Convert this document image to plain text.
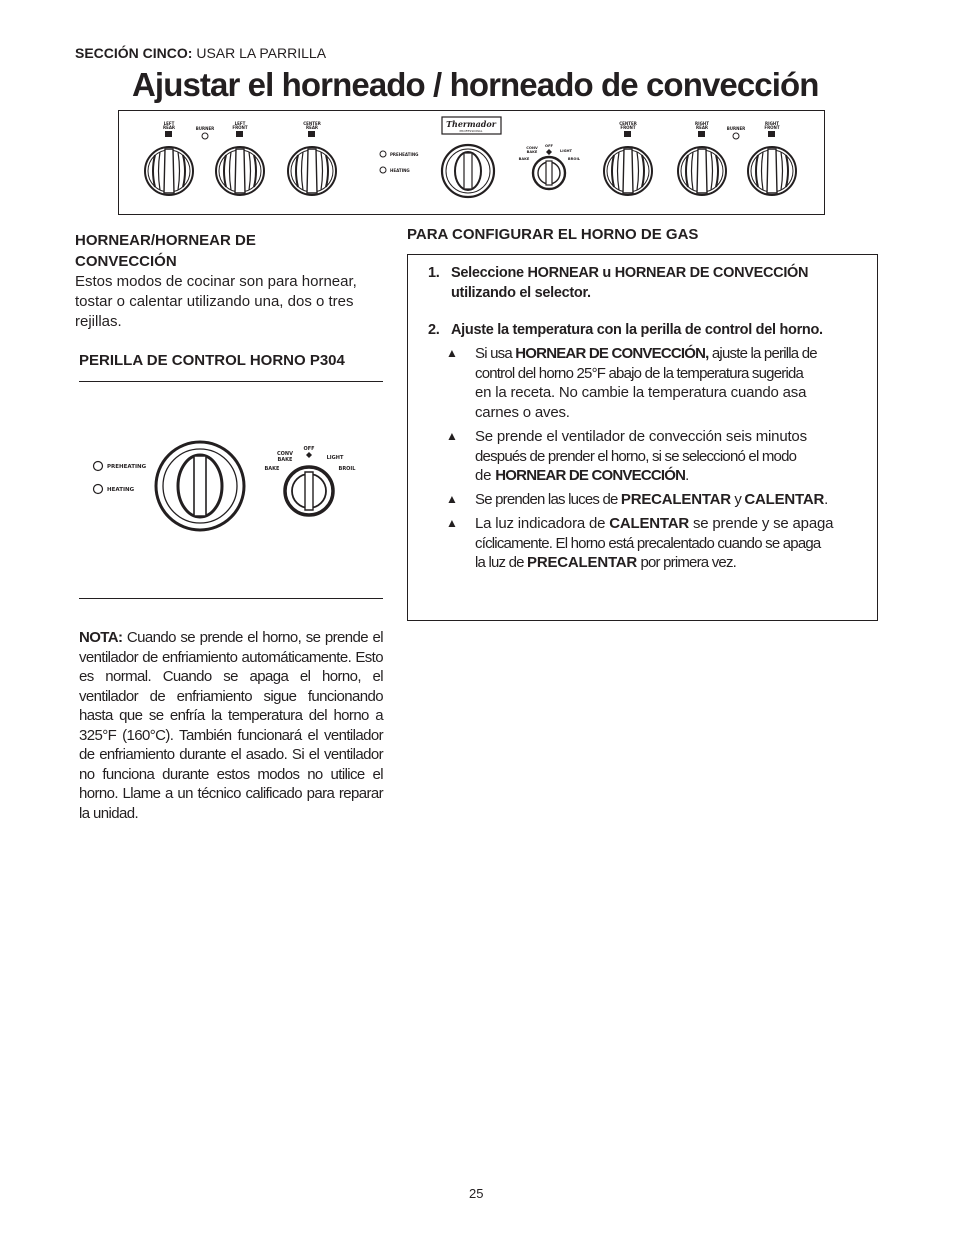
SECCIÓN CINCO: USAR LA PARRILLA
Ajustar el horneado / horneado de convección
LEFT
REAR
LEFT
FRONT
CENTER
REAR
CENTER
FRONT
RIGHT
REAR
RIGHT
FRONT
BURNER	BURNER
PREHEATING
HEATING
Thermador
PROFESSIONAL
CONV
BAKE
OFF
LIGHT
BAKE	BROIL
HORNEAR/HORNEAR DE
CONVECCIÓN

Estos modos de cocinar son para hornear,

tostar o calentar utilizando una, dos o tres

rejillas.

PERILLA DE CONTROL HORNO P304
PREHEATING
HEATING
CONV
BAKE
OFF
LIGHT
BAKE	BROIL
NOTA: Cuando se prende el horno, se prende el ventilador de enfriamiento automáticamente. Esto es normal. Cuando se apaga el horno, el ventilador de enfriamiento sigue funcionando hasta que se enfría la temperatura del horno a 325°F (160°C). También funcionará el ventilador de enfriamiento durante el asado. Si el ventilador no funciona durante estos modos no utilice el horno. Llame a un técnico calificado para reparar la unidad.
PARA CONFIGURAR EL HORNO DE GAS
1. Seleccione HORNEAR u HORNEAR DE CONVECCIÓN
utilizando el selector.
2. Ajuste la temperatura con la perilla de control del horno.
▲ Si usa HORNEAR DE CONVECCIÓN, ajuste la perilla de
control del horno 25°F abajo de la temperatura sugerida
en la receta. No cambie la temperatura cuando asa
carnes o aves.
▲ Se prende el ventilador de convección seis minutos
después de prender el horno, si se seleccionó el modo
de HORNEAR DE CONVECCIÓN.
▲ Se prenden las luces de PRECALENTAR y CALENTAR.
▲ La luz indicadora de CALENTAR se prende y se apaga
cíclicamente. El horno está precalentado cuando se apaga
la luz de PRECALENTAR por primera vez.
25
